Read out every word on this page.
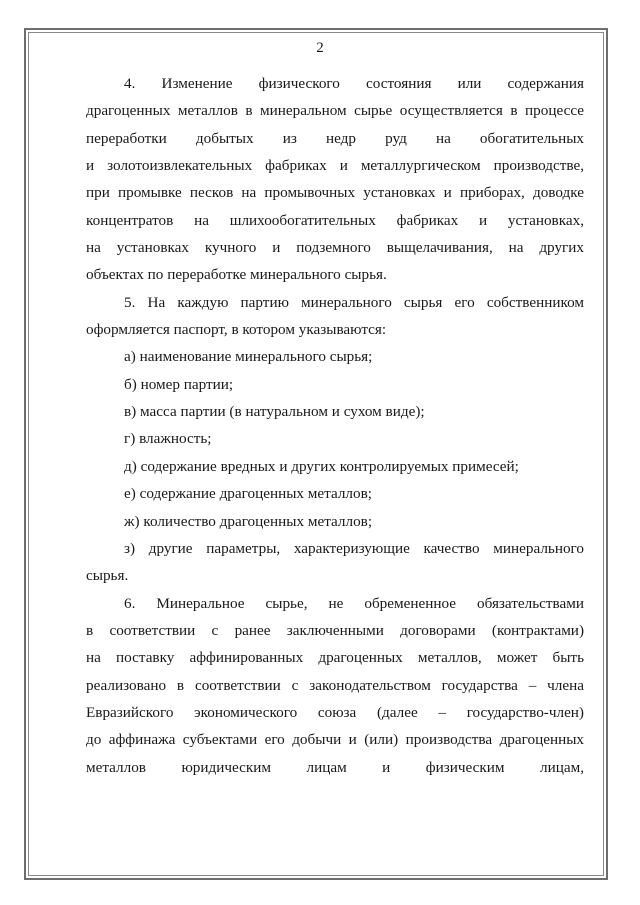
2
4. Изменение физического состояния или содержания
драгоценных металлов в минеральном сырье осуществляется в процессе
переработки добытых из недр руд на обогатительных
и золотоизвлекательных фабриках и металлургическом производстве,
при промывке песков на промывочных установках и приборах, доводке
концентратов на шлихообогатительных фабриках и установках,
на установках кучного и подземного выщелачивания, на других
объектах по переработке минерального сырья.
5. На каждую партию минерального сырья его собственником
оформляется паспорт, в котором указываются:
а) наименование минерального сырья;
б) номер партии;
в) масса партии (в натуральном и сухом виде);
г) влажность;
д) содержание вредных и других контролируемых примесей;
е) содержание драгоценных металлов;
ж) количество драгоценных металлов;
з) другие параметры, характеризующие качество минерального
сырья.
6. Минеральное сырье, не обремененное обязательствами
в соответствии с ранее заключенными договорами (контрактами)
на поставку аффинированных драгоценных металлов, может быть
реализовано в соответствии с законодательством государства – члена
Евразийского экономического союза (далее – государство-член)
до аффинажа субъектами его добычи и (или) производства драгоценных
металлов юридическим лицам и физическим лицам,
